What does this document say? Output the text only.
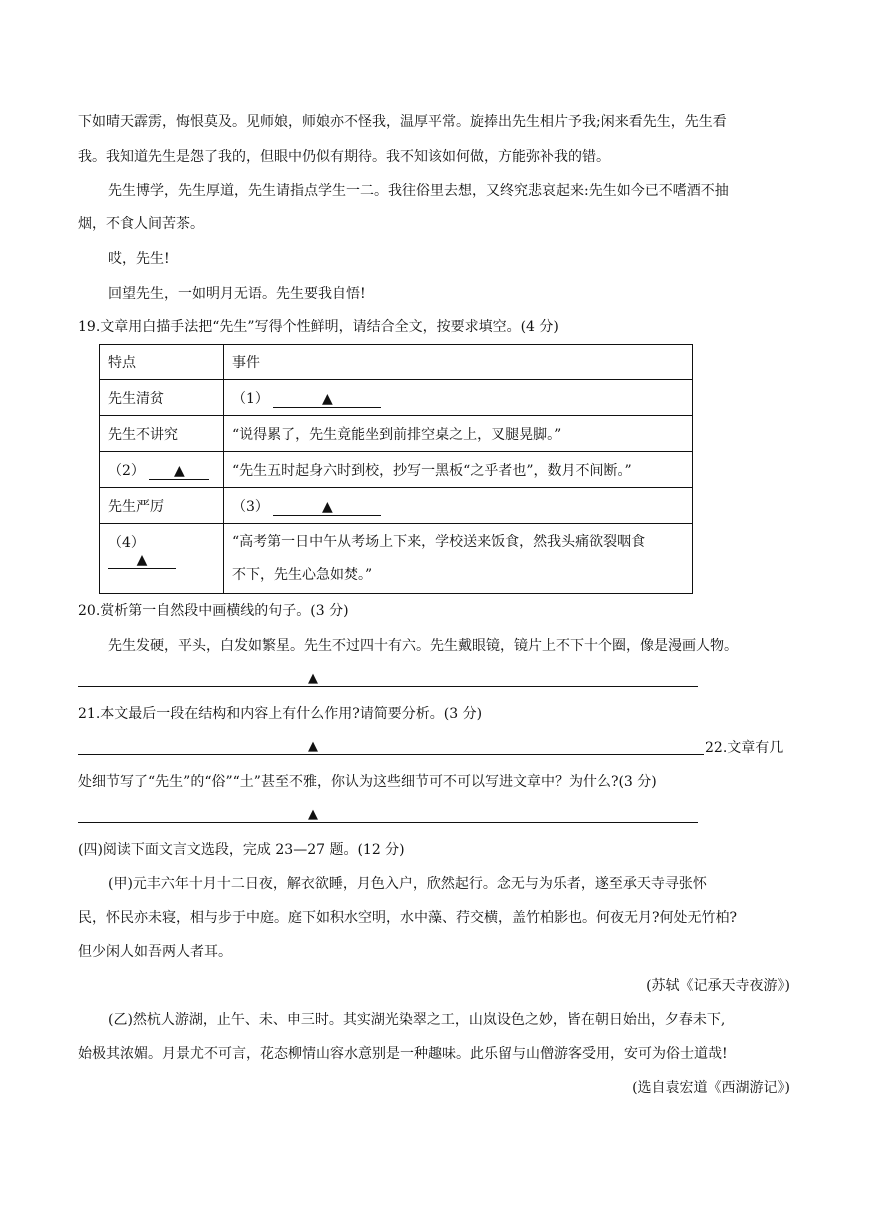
下如晴天霹雳，悔恨莫及。见师娘，师娘亦不怪我，温厚平常。旋捧出先生相片予我;闲来看先生，先生看
我。我知道先生是怨了我的，但眼中仍似有期待。我不知该如何做，方能弥补我的错。
先生博学，先生厚道，先生请指点学生一二。我往俗里去想，又终究悲哀起来:先生如今已不嗜酒不抽
烟，不食人间苦茶。
哎，先生!
回望先生，一如明月无语。先生要我自悟!
19.文章用白描手法把“先生”写得个性鲜明，请结合全文，按要求填空。(4 分)
特点	事件
先生清贫	（1） ▲
先生不讲究	“说得累了，先生竟能坐到前排空桌之上，叉腿晃脚。”
（2） ▲	“先生五时起身六时到校，抄写一黑板“之乎者也”，数月不间断。”
先生严厉	（3） ▲
（4） ▲	“高考第一日中午从考场上下来，学校送来饭食，然我头痛欲裂咽食
不下，先生心急如焚。”
20.赏析第一自然段中画横线的句子。(3 分)
先生发硬，平头，白发如繁星。先生不过四十有六。先生戴眼镜，镜片上不下十个圈，像是漫画人物。
▲
21.本文最后一段在结构和内容上有什么作用?请简要分析。(3 分)
▲	22.文章有几
处细节写了“先生”的“俗”“土”甚至不雅，你认为这些细节可不可以写进文章中？为什么?(3 分)
▲
(四)阅读下面文言文选段，完成 23—27 题。(12 分)
(甲)元丰六年十月十二日夜，解衣欲睡，月色入户，欣然起行。念无与为乐者，遂至承天寺寻张怀
民，怀民亦未寝，相与步于中庭。庭下如积水空明，水中藻、荇交横，盖竹柏影也。何夜无月?何处无竹柏?
但少闲人如吾两人者耳。
(苏轼《记承天寺夜游》)
(乙)然杭人游湖，止午、未、申三时。其实湖光染翠之工，山岚设色之妙，皆在朝日始出，夕春未下,
始极其浓媚。月景尤不可言，花态柳情山容水意别是一种趣味。此乐留与山僧游客受用，安可为俗士道哉!
(选自袁宏道《西湖游记》)
